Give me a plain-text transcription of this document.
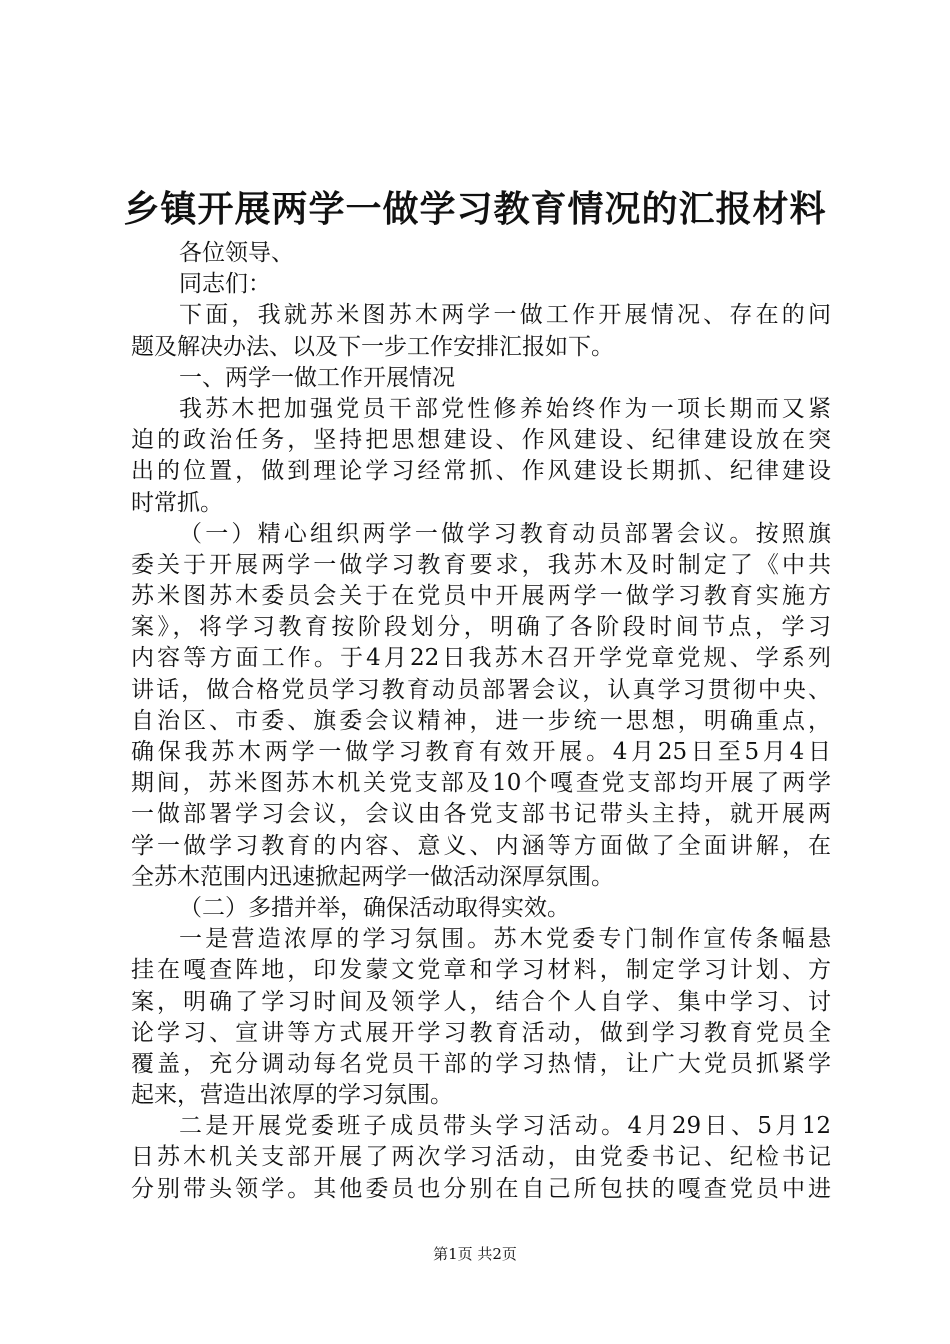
乡镇开展两学一做学习教育情况的汇报材料
各位领导、
同志们：
下面，我就苏米图苏木两学一做工作开展情况、存在的问
题及解决办法、以及下一步工作安排汇报如下。
一、两学一做工作开展情况
我苏木把加强党员干部党性修养始终作为一项长期而又紧
迫的政治任务，坚持把思想建设、作风建设、纪律建设放在突
出的位置，做到理论学习经常抓、作风建设长期抓、纪律建设
时常抓。
（一）精心组织两学一做学习教育动员部署会议。按照旗
委关于开展两学一做学习教育要求，我苏木及时制定了《中共
苏米图苏木委员会关于在党员中开展两学一做学习教育实施方
案》，将学习教育按阶段划分，明确了各阶段时间节点，学习
内容等方面工作。于4月22日我苏木召开学党章党规、学系列
讲话，做合格党员学习教育动员部署会议，认真学习贯彻中央、
自治区、市委、旗委会议精神，进一步统一思想，明确重点，
确保我苏木两学一做学习教育有效开展。4月25日至5月4日
期间，苏米图苏木机关党支部及10个嘎查党支部均开展了两学
一做部署学习会议，会议由各党支部书记带头主持，就开展两
学一做学习教育的内容、意义、内涵等方面做了全面讲解，在
全苏木范围内迅速掀起两学一做活动深厚氛围。
（二）多措并举，确保活动取得实效。
一是营造浓厚的学习氛围。苏木党委专门制作宣传条幅悬
挂在嘎查阵地，印发蒙文党章和学习材料，制定学习计划、方
案，明确了学习时间及领学人，结合个人自学、集中学习、讨
论学习、宣讲等方式展开学习教育活动，做到学习教育党员全
覆盖，充分调动每名党员干部的学习热情，让广大党员抓紧学
起来，营造出浓厚的学习氛围。
二是开展党委班子成员带头学习活动。4月29日、5月12
日苏木机关支部开展了两次学习活动，由党委书记、纪检书记
分别带头领学。其他委员也分别在自己所包扶的嘎查党员中进
第1页 共2页
